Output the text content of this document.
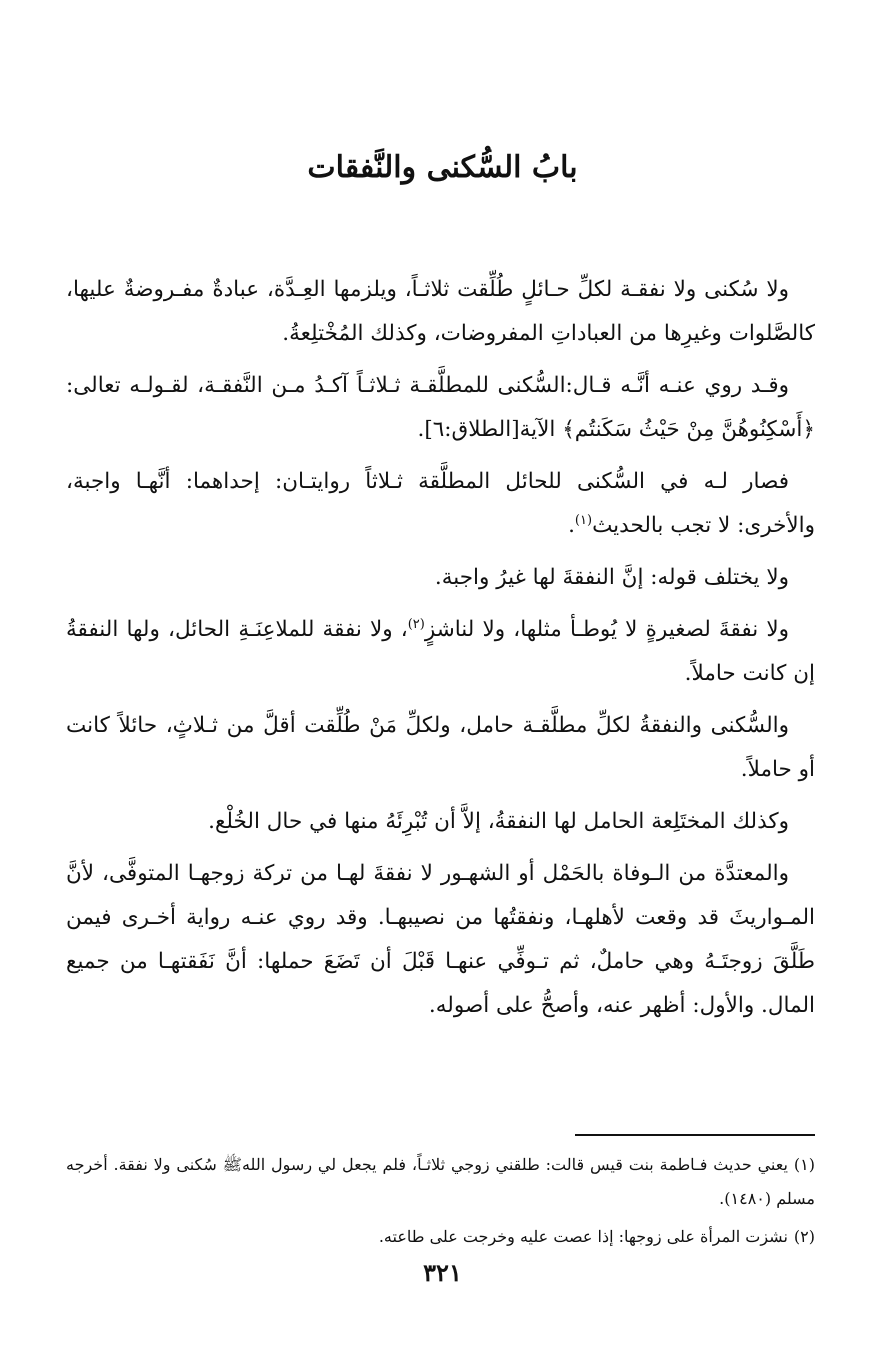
بابُ السُّكنى والنَّفقات

ولا سُكنى ولا نفقـة لكلِّ حـائلٍ طُلِّقت ثلاثـاً، ويلزمها العِـدَّة، عبادةٌ مفـروضةٌ عليها، كالصَّلوات وغيرِها من العباداتِ المفروضات، وكذلك المُخْتلِعةُ.

وقـد روي عنـه أنَّـه قـال:السُّكنى للمطلَّقـة ثـلاثـاً آكـدُ مـن النَّفقـة، لقـولـه تعالى:﴿أَسْكِنُوهُنَّ مِنْ حَيْثُ سَكَنتُم﴾ الآية[الطلاق:٦].

فصار لـه في السُّكنى للحائل المطلَّقة ثـلاثاً روايتـان: إحداهما: أنَّهـا واجبة، والأخرى: لا تجب بالحديث$^{(١)}$.

ولا يختلف قوله: إنَّ النفقةَ لها غيرُ واجبة.

ولا نفقةَ لصغيرةٍ لا يُوطـأ مثلها، ولا لناشزٍ$^{(٢)}$، ولا نفقة للملاعِنَـةِ الحائل، ولها النفقةُ إن كانت حاملاً.

والسُّكنى والنفقةُ لكلِّ مطلَّقـة حامل، ولكلِّ مَنْ طُلِّقت أقلَّ من ثـلاثٍ، حائلاً كانت أو حاملاً.

وكذلك المختَلِعة الحامل لها النفقةُ، إلاَّ أن تُبْرِئَهُ منها في حال الخُلْع.

والمعتدَّة من الـوفاة بالحَمْل أو الشهـور لا نفقةَ لهـا من تركة زوجهـا المتوفَّى، لأنَّ المـواريثَ قد وقعت لأهلهـا، ونفقتُها من نصيبهـا. وقد روي عنـه رواية أخـرى فيمن طَلَّقَ زوجتَـهُ وهي حاملٌ، ثم تـوفِّي عنهـا قَبْلَ أن تَضَعَ حملها: أنَّ نَفَقتهـا من جميع المال. والأول: أظهر عنه، وأصحُّ على أصوله.

(١)يعني حديث فـاطمة بنت قيس قالت: طلقني زوجي ثلاثـاً، فلم يجعل لي رسول اللهﷺ سُكنى ولا نفقة. أخرجه مسلم (١٤٨٠).

(٢)نشزت المرأة على زوجها: إذا عصت عليه وخرجت على طاعته.

٣٢١
